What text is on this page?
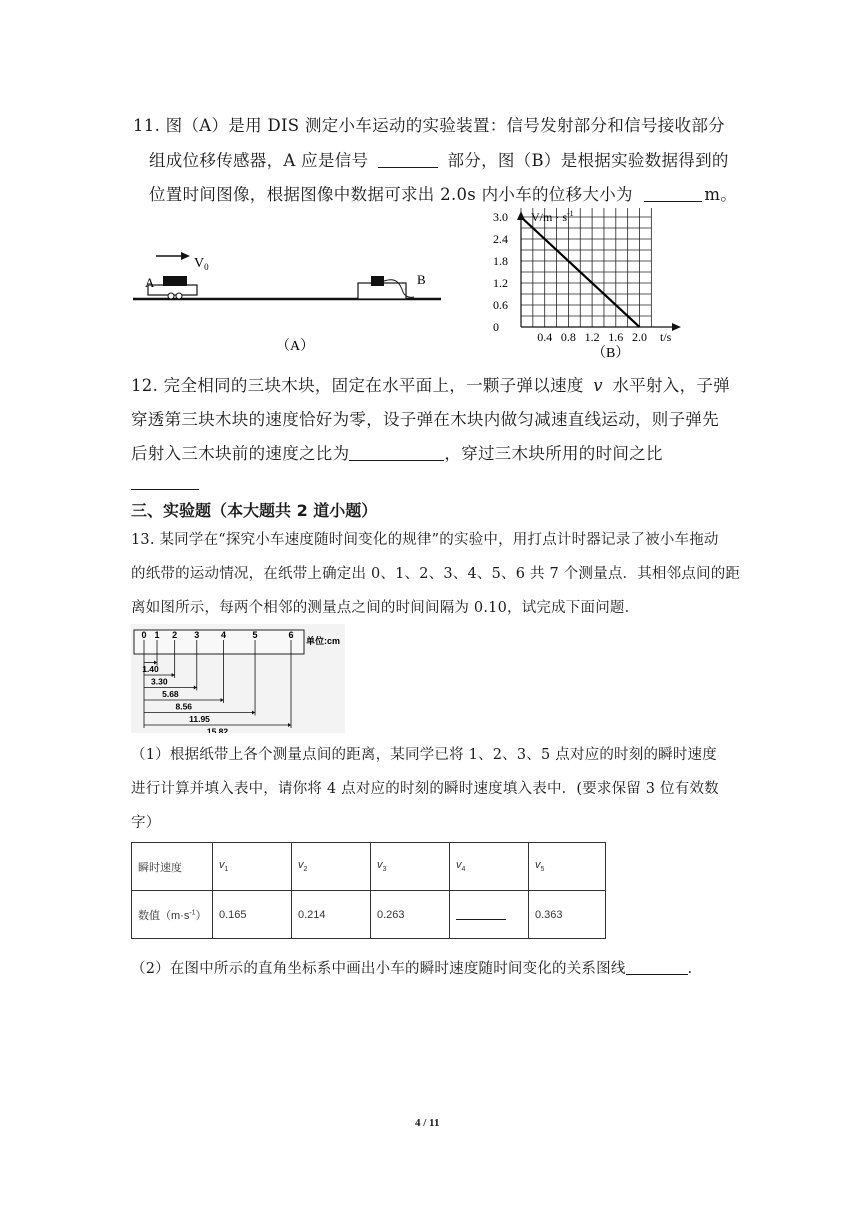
11. 图（A）是用 DIS 测定小车运动的实验装置：信号发射部分和信号接收部分
组成位移传感器，A 应是信号	部分，图（B）是根据实验数据得到的
位置时间图像，根据图像中数据可求出 2.0s 内小车的位移大小为	m。
$V_0$
A	B
（A）
3.0
2.4
1.8
1.2
0.6
0
0.4 0.8 1.2 1.6 2.0
$V/m \cdot s^{-1}$
t/s
（B）
12. 完全相同的三块木块，固定在水平面上，一颗子弹以速度 v 水平射入，子弹
穿透第三块木块的速度恰好为零，设子弹在木块内做匀减速直线运动，则子弹先
后射入三木块前的速度之比为	，穿过三木块所用的时间之比
三、实验题（本大题共 2 道小题）
13. 某同学在“探究小车速度随时间变化的规律”的实验中，用打点计时器记录了被小车拖动
的纸带的运动情况，在纸带上确定出 0、1、2、3、4、5、6 共 7 个测量点．其相邻点间的距
离如图所示，每两个相邻的测量点之间的时间间隔为 0.10，试完成下面问题．
0 1 2 3 4	5	6
1.40
3.30
5.68
8.56
11.95
15.82
单位:cm
（1）根据纸带上各个测量点间的距离，某同学已将 1、2、3、5 点对应的时刻的瞬时速度
进行计算并填入表中，请你将 4 点对应的时刻的瞬时速度填入表中．(要求保留 3 位有效数
字）
瞬时速度	$v_1$	$v_2$	$v_3$	$v_4$	$v_5$
数值$(m\cdot s^{-1})$	0.165	0.214	0.263		0.363
（2）在图中所示的直角坐标系中画出小车的瞬时速度随时间变化的关系图线	.
4 / 11
